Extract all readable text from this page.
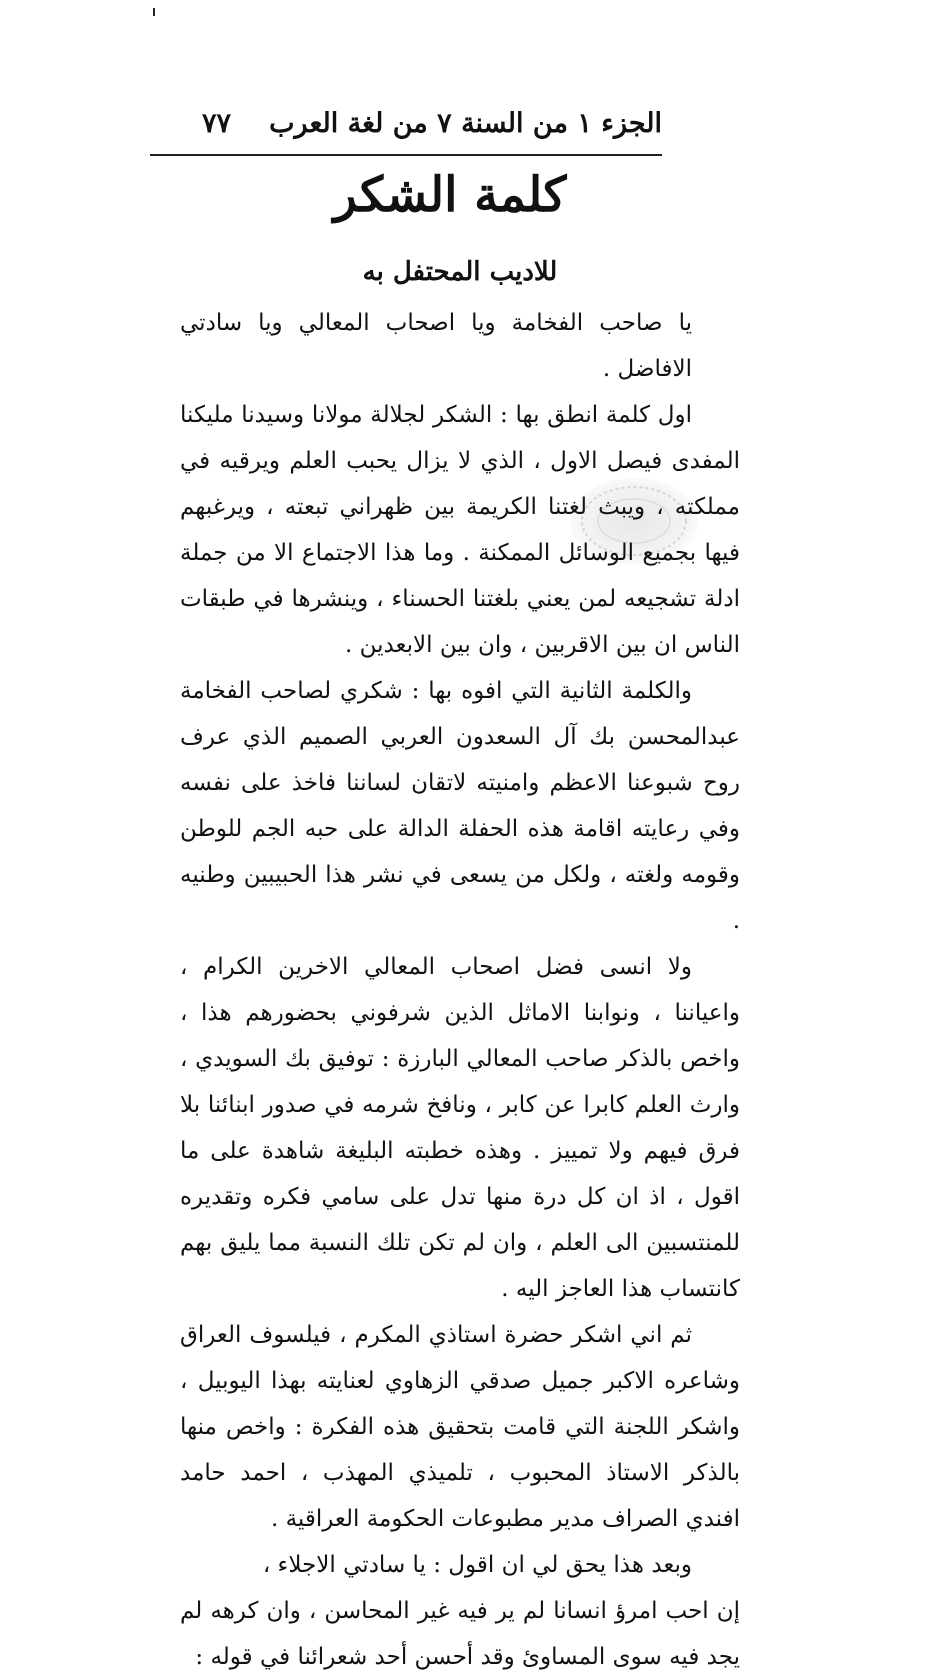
الجزء ١ من السنة ٧ من لغة العرب
٧٧
كلمة الشكر
للاديب المحتفل به

يا صاحب الفخامة ويا اصحاب المعالي ويا سادتي الافاضل .

اول كلمة انطق بها : الشكر لجلالة مولانا وسيدنا مليكنا المفدى فيصل الاول ، الذي لا يزال يحبب العلم ويرقيه في مملكته ، ويبث لغتنا الكريمة بين ظهراني تبعته ، ويرغبهم فيها بجميع الوسائل الممكنة . وما هذا الاجتماع الا من جملة ادلة تشجيعه لمن يعني بلغتنا الحسناء ، وينشرها في طبقات الناس ان بين الاقربين ، وان بين الابعدين .

والكلمة الثانية التي افوه بها : شكري لصاحب الفخامة عبدالمحسن بك آل السعدون العربي الصميم الذي عرف روح شبوعنا الاعظم وامنيته لاتقان لساننا فاخذ على نفسه وفي رعايته اقامة هذه الحفلة الدالة على حبه الجم للوطن وقومه ولغته ، ولكل من يسعى في نشر هذا الحبيبين وطنيه .

ولا انسى فضل اصحاب المعالي الاخرين الكرام ، واعياننا ، ونوابنا الاماثل الذين شرفوني بحضورهم هذا ، واخص بالذكر صاحب المعالي البارزة : توفيق بك السويدي ، وارث العلم كابرا عن كابر ، ونافخ شرمه في صدور ابنائنا بلا فرق فيهم ولا تمييز . وهذه خطبته البليغة شاهدة على ما اقول ، اذ ان كل درة منها تدل على سامي فكره وتقديره للمنتسبين الى العلم ، وان لم تكن تلك النسبة مما يليق بهم كانتساب هذا العاجز اليه .

ثم اني اشكر حضرة استاذي المكرم ، فيلسوف العراق وشاعره الاكبر جميل صدقي الزهاوي لعنايته بهذا اليوبيل ، واشكر اللجنة التي قامت بتحقيق هذه الفكرة : واخص منها بالذكر الاستاذ المحبوب ، تلميذي المهذب ، احمد حامد افندي الصراف مدير مطبوعات الحكومة العراقية .

وبعد هذا يحق لي ان اقول : يا سادتي الاجلاء ،

إن احب امرؤ انسانا لم ير فيه غير المحاسن ، وان كرهه لم يجد فيه سوى المساوئ وقد أحسن أحد شعرائنا في قوله :
